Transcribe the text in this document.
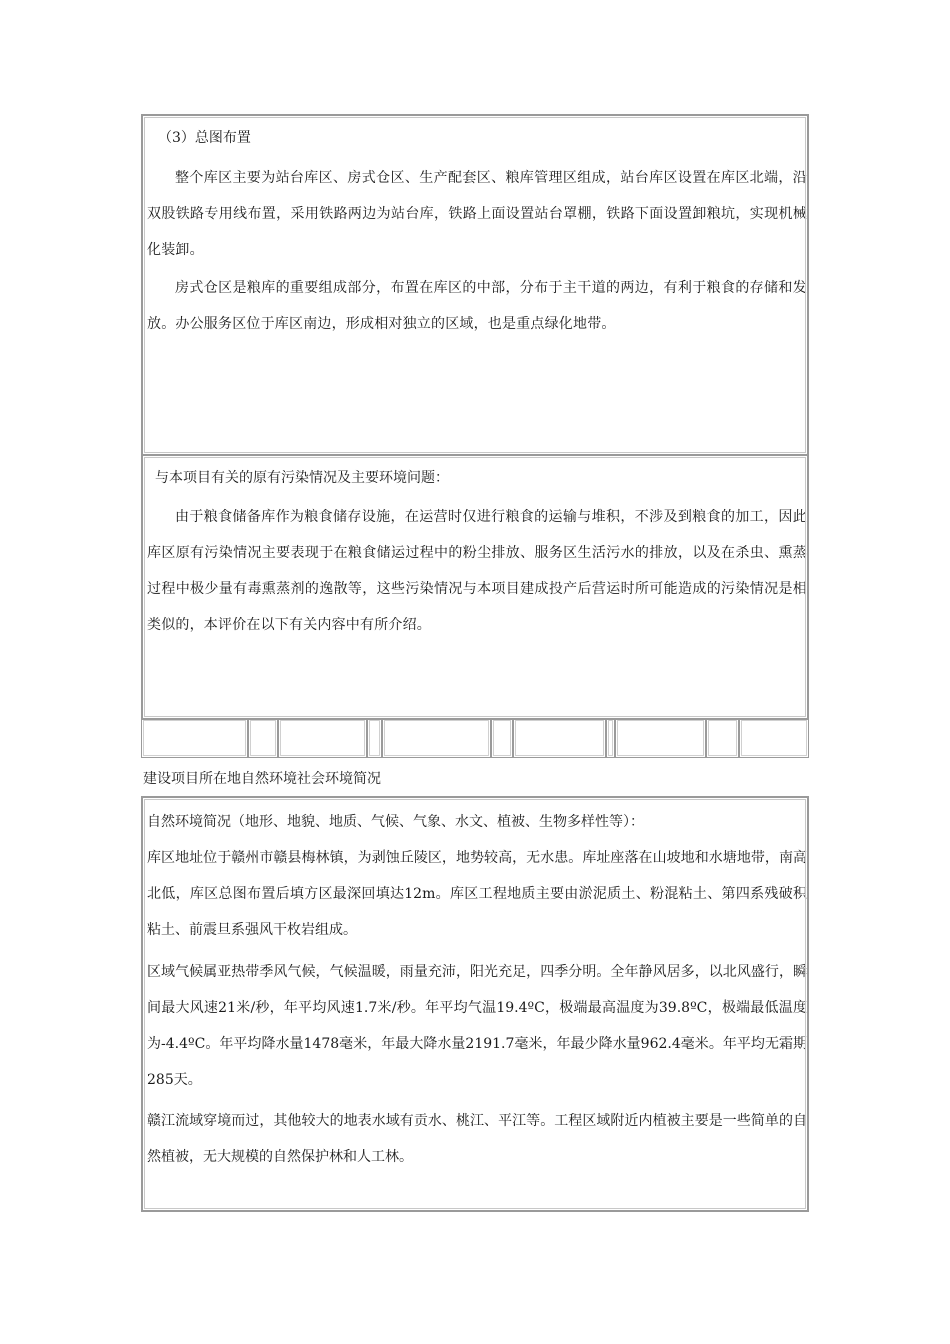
（3）总图布置

整个库区主要为站台库区、房式仓区、生产配套区、粮库管理区组成，站台库区设置在库区北端，沿双股铁路专用线布置，采用铁路两边为站台库，铁路上面设置站台罩棚，铁路下面设置卸粮坑，实现机械化装卸。

房式仓区是粮库的重要组成部分，布置在库区的中部，分布于主干道的两边，有利于粮食的存储和发放。办公服务区位于库区南边，形成相对独立的区域，也是重点绿化地带。

与本项目有关的原有污染情况及主要环境问题：

由于粮食储备库作为粮食储存设施，在运营时仅进行粮食的运输与堆积，不涉及到粮食的加工，因此库区原有污染情况主要表现于在粮食储运过程中的粉尘排放、服务区生活污水的排放，以及在杀虫、熏蒸过程中极少量有毒熏蒸剂的逸散等，这些污染情况与本项目建成投产后营运时所可能造成的污染情况是相类似的，本评价在以下有关内容中有所介绍。

建设项目所在地自然环境社会环境简况

自然环境简况（地形、地貌、地质、气候、气象、水文、植被、生物多样性等）：

库区地址位于赣州市赣县梅林镇，为剥蚀丘陵区，地势较高，无水患。库址座落在山坡地和水塘地带，南高北低，库区总图布置后填方区最深回填达12m。库区工程地质主要由淤泥质土、粉混粘土、第四系残破积粘土、前震旦系强风干枚岩组成。

区域气候属亚热带季风气候，气候温暖，雨量充沛，阳光充足，四季分明。全年静风居多，以北风盛行，瞬间最大风速21米/秒，年平均风速1.7米/秒。年平均气温19.4ºC，极端最高温度为39.8ºC，极端最低温度为-4.4ºC。年平均降水量1478毫米，年最大降水量2191.7毫米，年最少降水量962.4毫米。年平均无霜期285天。

赣江流域穿境而过，其他较大的地表水域有贡水、桃江、平江等。工程区域附近内植被主要是一些简单的自然植被，无大规模的自然保护林和人工林。
